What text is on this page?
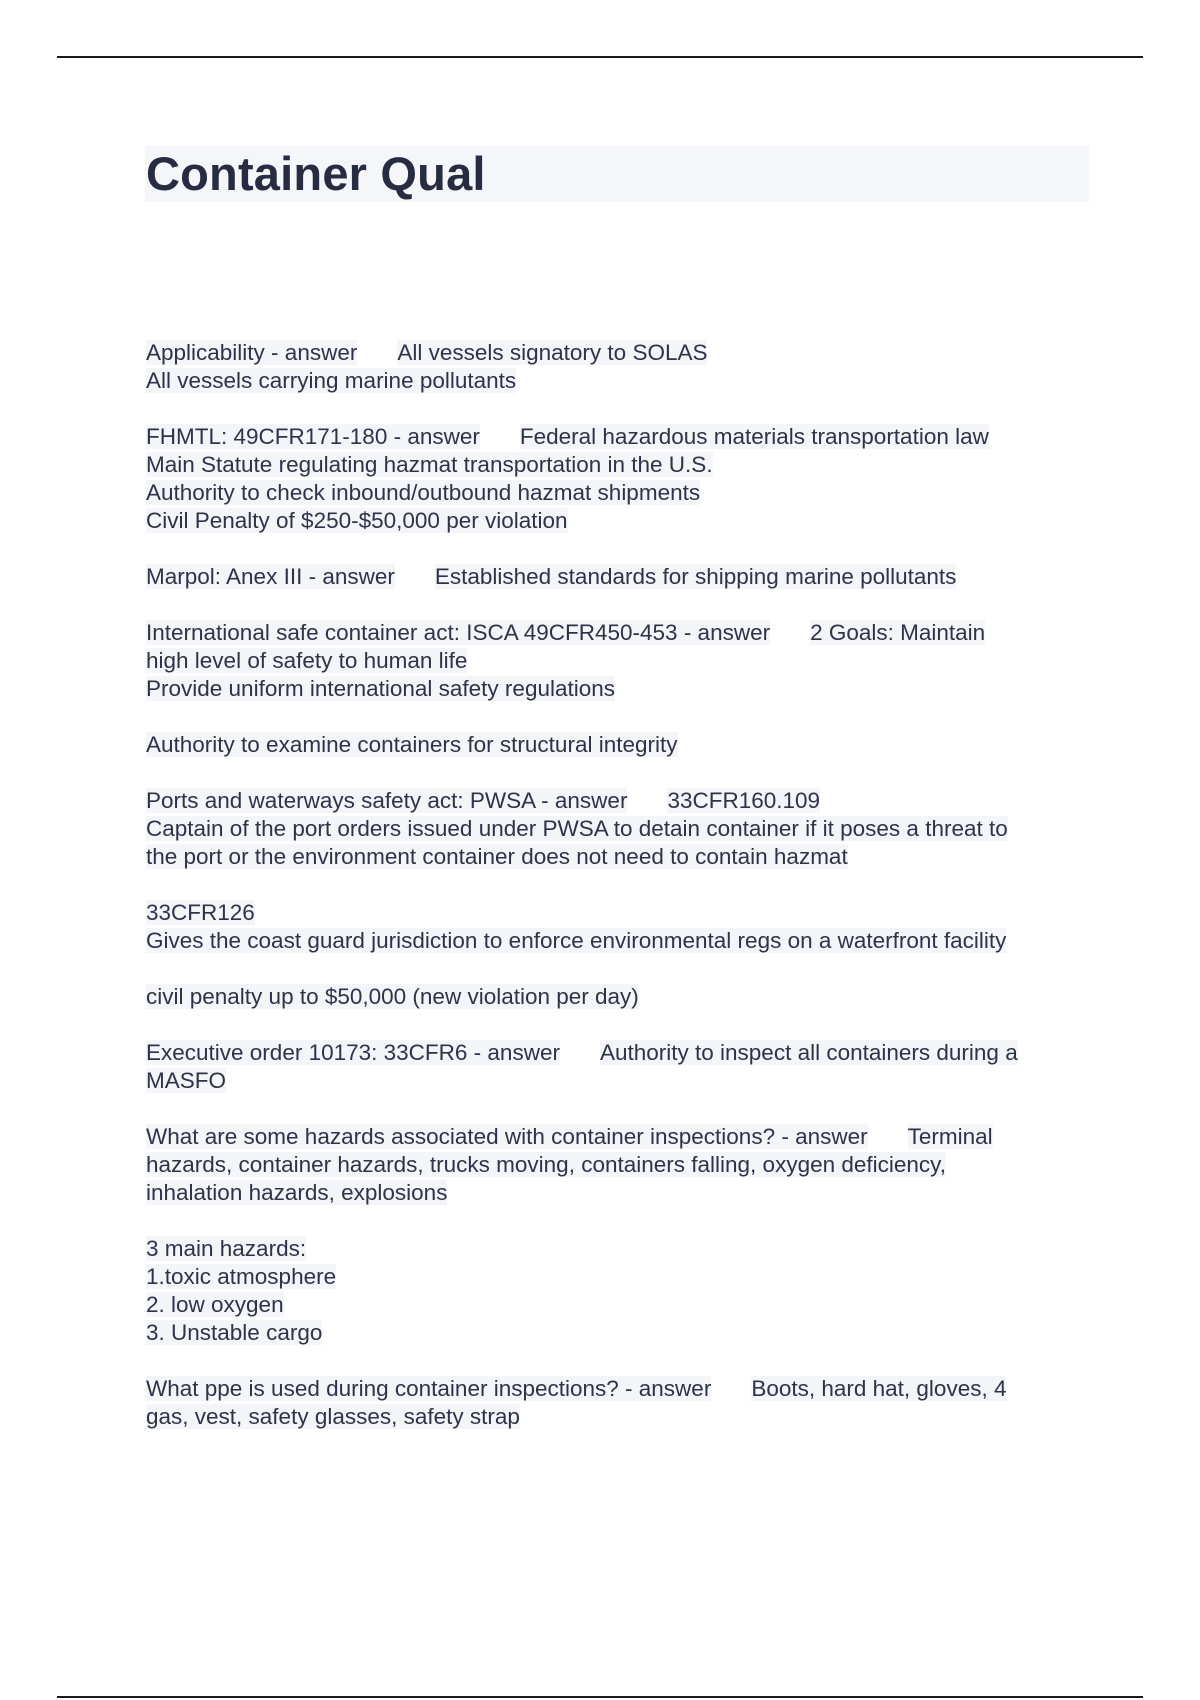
Container Qual
Applicability - answer All vessels signatory to SOLAS
All vessels carrying marine pollutants
FHMTL: 49CFR171-180 - answer Federal hazardous materials transportation law
Main Statute regulating hazmat transportation in the U.S.
Authority to check inbound/outbound hazmat shipments
Civil Penalty of $250-$50,000 per violation
Marpol: Anex III - answer Established standards for shipping marine pollutants
International safe container act: ISCA 49CFR450-453 - answer 2 Goals: Maintain
high level of safety to human life
Provide uniform international safety regulations
Authority to examine containers for structural integrity
Ports and waterways safety act: PWSA - answer 33CFR160.109
Captain of the port orders issued under PWSA to detain container if it poses a threat to
the port or the environment container does not need to contain hazmat
33CFR126
Gives the coast guard jurisdiction to enforce environmental regs on a waterfront facility
civil penalty up to $50,000 (new violation per day)
Executive order 10173: 33CFR6 - answer Authority to inspect all containers during a
MASFO
What are some hazards associated with container inspections? - answer Terminal
hazards, container hazards, trucks moving, containers falling, oxygen deficiency,
inhalation hazards, explosions
3 main hazards:
1.toxic atmosphere
2. low oxygen
3. Unstable cargo
What ppe is used during container inspections? - answer Boots, hard hat, gloves, 4
gas, vest, safety glasses, safety strap
